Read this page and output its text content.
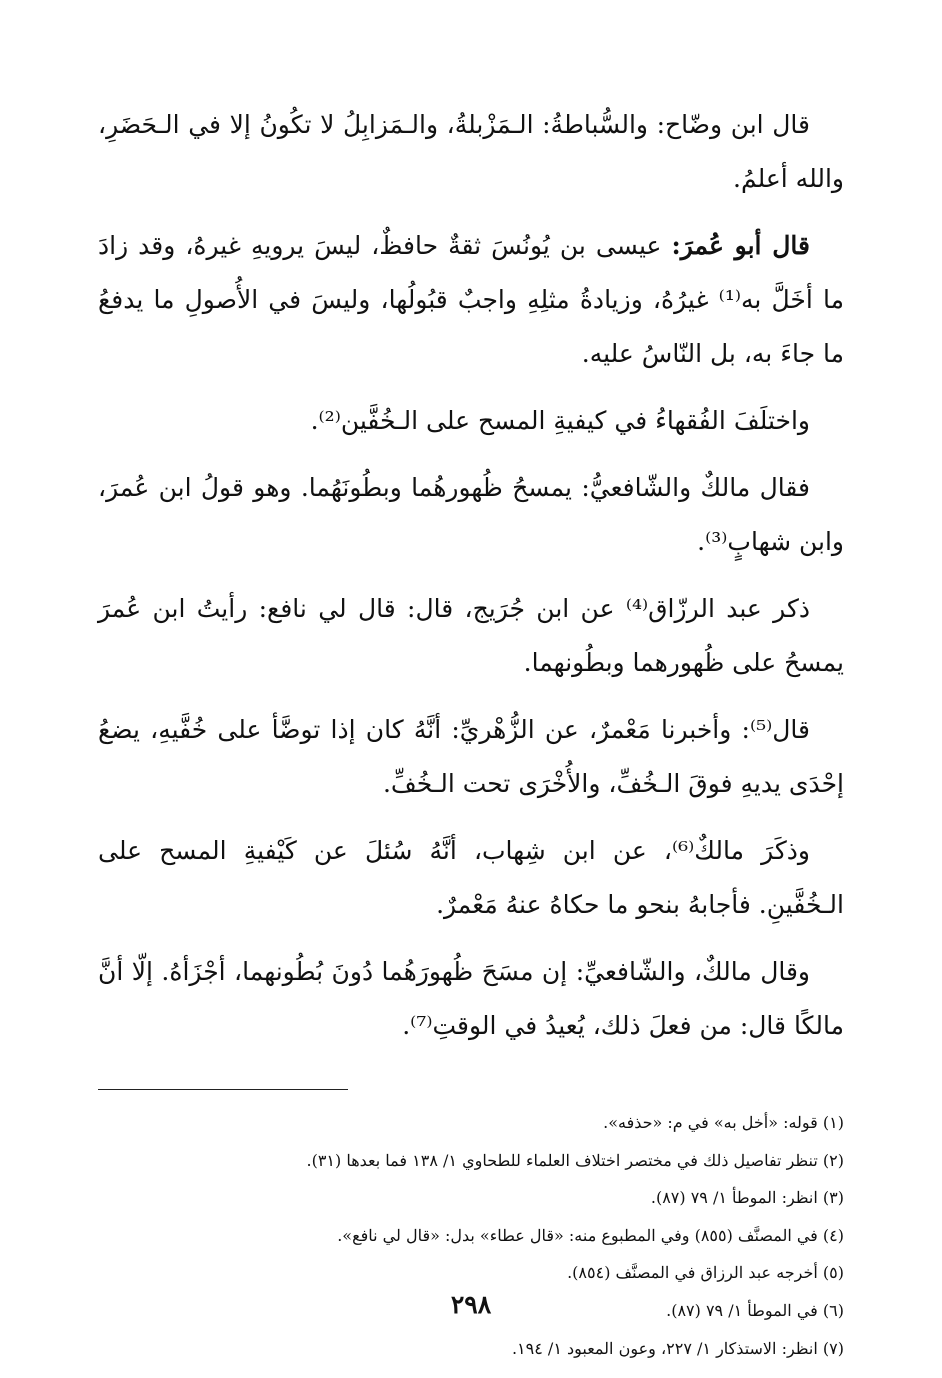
قال ابن وضّاح: والسُّباطةُ: الـمَزْبلةُ، والـمَزابِلُ لا تكُونُ إلا في الـحَضَرِ، والله أعلمُ.

قال أبو عُمرَ: عيسى بن يُونُسَ ثقةٌ حافظٌ، ليسَ يرويهِ غيرهُ، وقد زادَ ما أخَلَّ به⁽¹⁾ غيرُهُ، وزيادةُ مثلِهِ واجبٌ قبُولُها، وليسَ في الأُصولِ ما يدفعُ ما جاءَ به، بل النّاسُ عليه.

واختلَفَ الفُقهاءُ في كيفيةِ المسح على الـخُفَّين⁽²⁾.

فقال مالكٌ والشّافعيُّ: يمسحُ ظُهورهُما وبطُونَهُما. وهو قولُ ابن عُمرَ، وابن شهابٍ⁽³⁾.

ذكر عبد الرزّاق⁽⁴⁾ عن ابن جُرَيج، قال: قال لي نافع: رأيتُ ابن عُمرَ يمسحُ على ظُهورهما وبطُونهما.

قال⁽⁵⁾: وأخبرنا مَعْمرٌ، عن الزُّهْريِّ: أنَّهُ كان إذا توضَّأ على خُفَّيهِ، يضعُ إحْدَى يديهِ فوقَ الـخُفِّ، والأُخْرَى تحت الـخُفِّ.

وذكَرَ مالكٌ⁽⁶⁾، عن ابن شِهاب، أنَّهُ سُئلَ عن كَيْفيةِ المسح على الـخُفَّينِ. فأجابهُ بنحو ما حكاهُ عنهُ مَعْمرٌ.

وقال مالكٌ، والشّافعيِّ: إن مسَحَ ظُهورَهُما دُونَ بُطُونهما، أجْزَأهُ. إلّا أنَّ مالكًا قال: من فعلَ ذلك، يُعيدُ في الوقتِ⁽⁷⁾.

(١) قوله: «أخل به» في م: «حذفه».
(٢) تنظر تفاصيل ذلك في مختصر اختلاف العلماء للطحاوي ١/ ١٣٨ فما بعدها (٣١).
(٣) انظر: الموطأ ١/ ٧٩ (٨٧).
(٤) في المصنَّف (٨٥٥) وفي المطبوع منه: «قال عطاء» بدل: «قال لي نافع».
(٥) أخرجه عبد الرزاق في المصنَّف (٨٥٤).
(٦) في الموطأ ١/ ٧٩ (٨٧).
(٧) انظر: الاستذكار ١/ ٢٢٧، وعون المعبود ١/ ١٩٤.
٢٩٨
